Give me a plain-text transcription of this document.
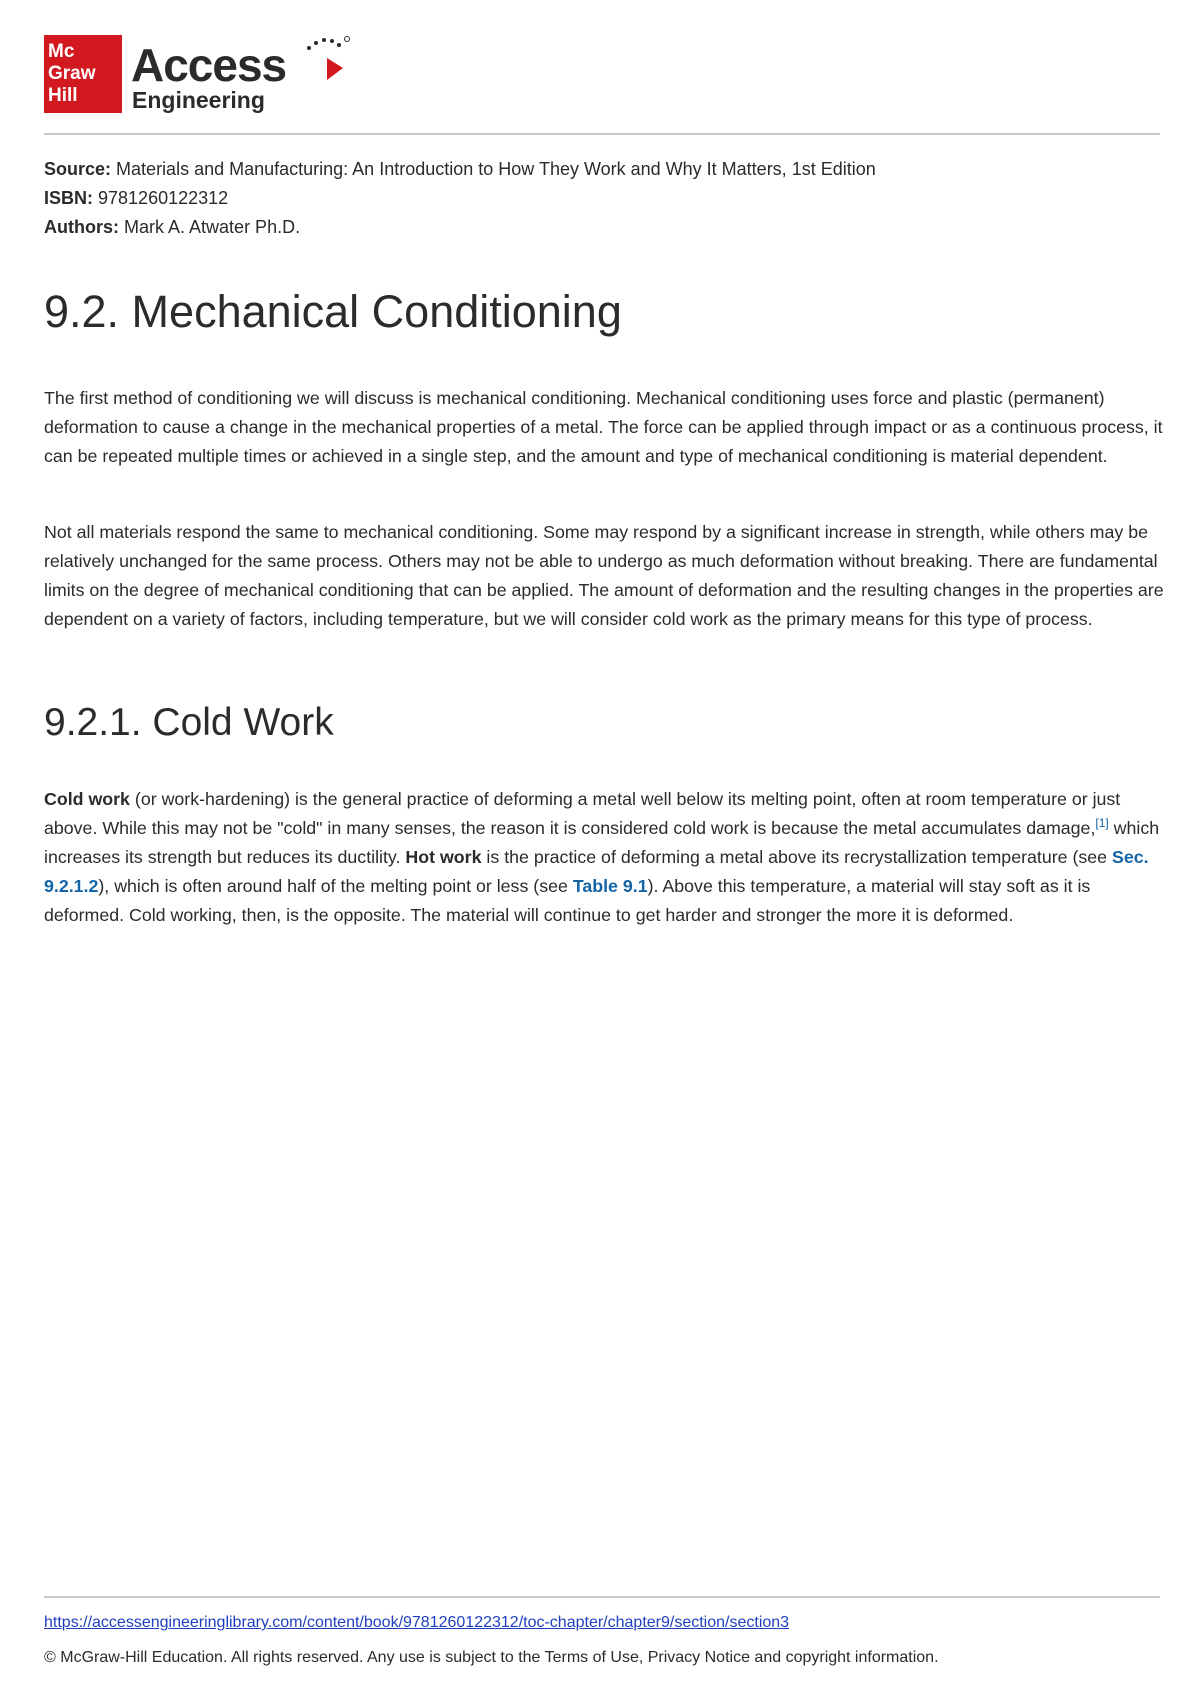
Mc
Graw
Hill
Access
Engineering
Source: Materials and Manufacturing: An Introduction to How They Work and Why It Matters, 1st Edition
ISBN: 9781260122312
Authors: Mark A. Atwater Ph.D.
9.2. Mechanical Conditioning

The first method of conditioning we will discuss is mechanical conditioning. Mechanical conditioning uses force and plastic (permanent) deformation to cause a change in the mechanical properties of a metal. The force can be applied through impact or as a continuous process, it can be repeated multiple times or achieved in a single step, and the amount and type of mechanical conditioning is material dependent.

Not all materials respond the same to mechanical conditioning. Some may respond by a significant increase in strength, while others may be relatively unchanged for the same process. Others may not be able to undergo as much deformation without breaking. There are fundamental limits on the degree of mechanical conditioning that can be applied. The amount of deformation and the resulting changes in the properties are dependent on a variety of factors, including temperature, but we will consider cold work as the primary means for this type of process.

9.2.1. Cold Work

Cold work (or work-hardening) is the general practice of deforming a metal well below its melting point, often at room temperature or just above. While this may not be "cold" in many senses, the reason it is considered cold work is because the metal accumulates damage,[1] which increases its strength but reduces its ductility. Hot work is the practice of deforming a metal above its recrystallization temperature (see Sec. 9.2.1.2), which is often around half of the melting point or less (see Table 9.1). Above this temperature, a material will stay soft as it is deformed. Cold working, then, is the opposite. The material will continue to get harder and stronger the more it is deformed.

https://accessengineeringlibrary.com/content/book/9781260122312/toc-chapter/chapter9/section/section3
© McGraw-Hill Education. All rights reserved. Any use is subject to the Terms of Use, Privacy Notice and copyright information.
